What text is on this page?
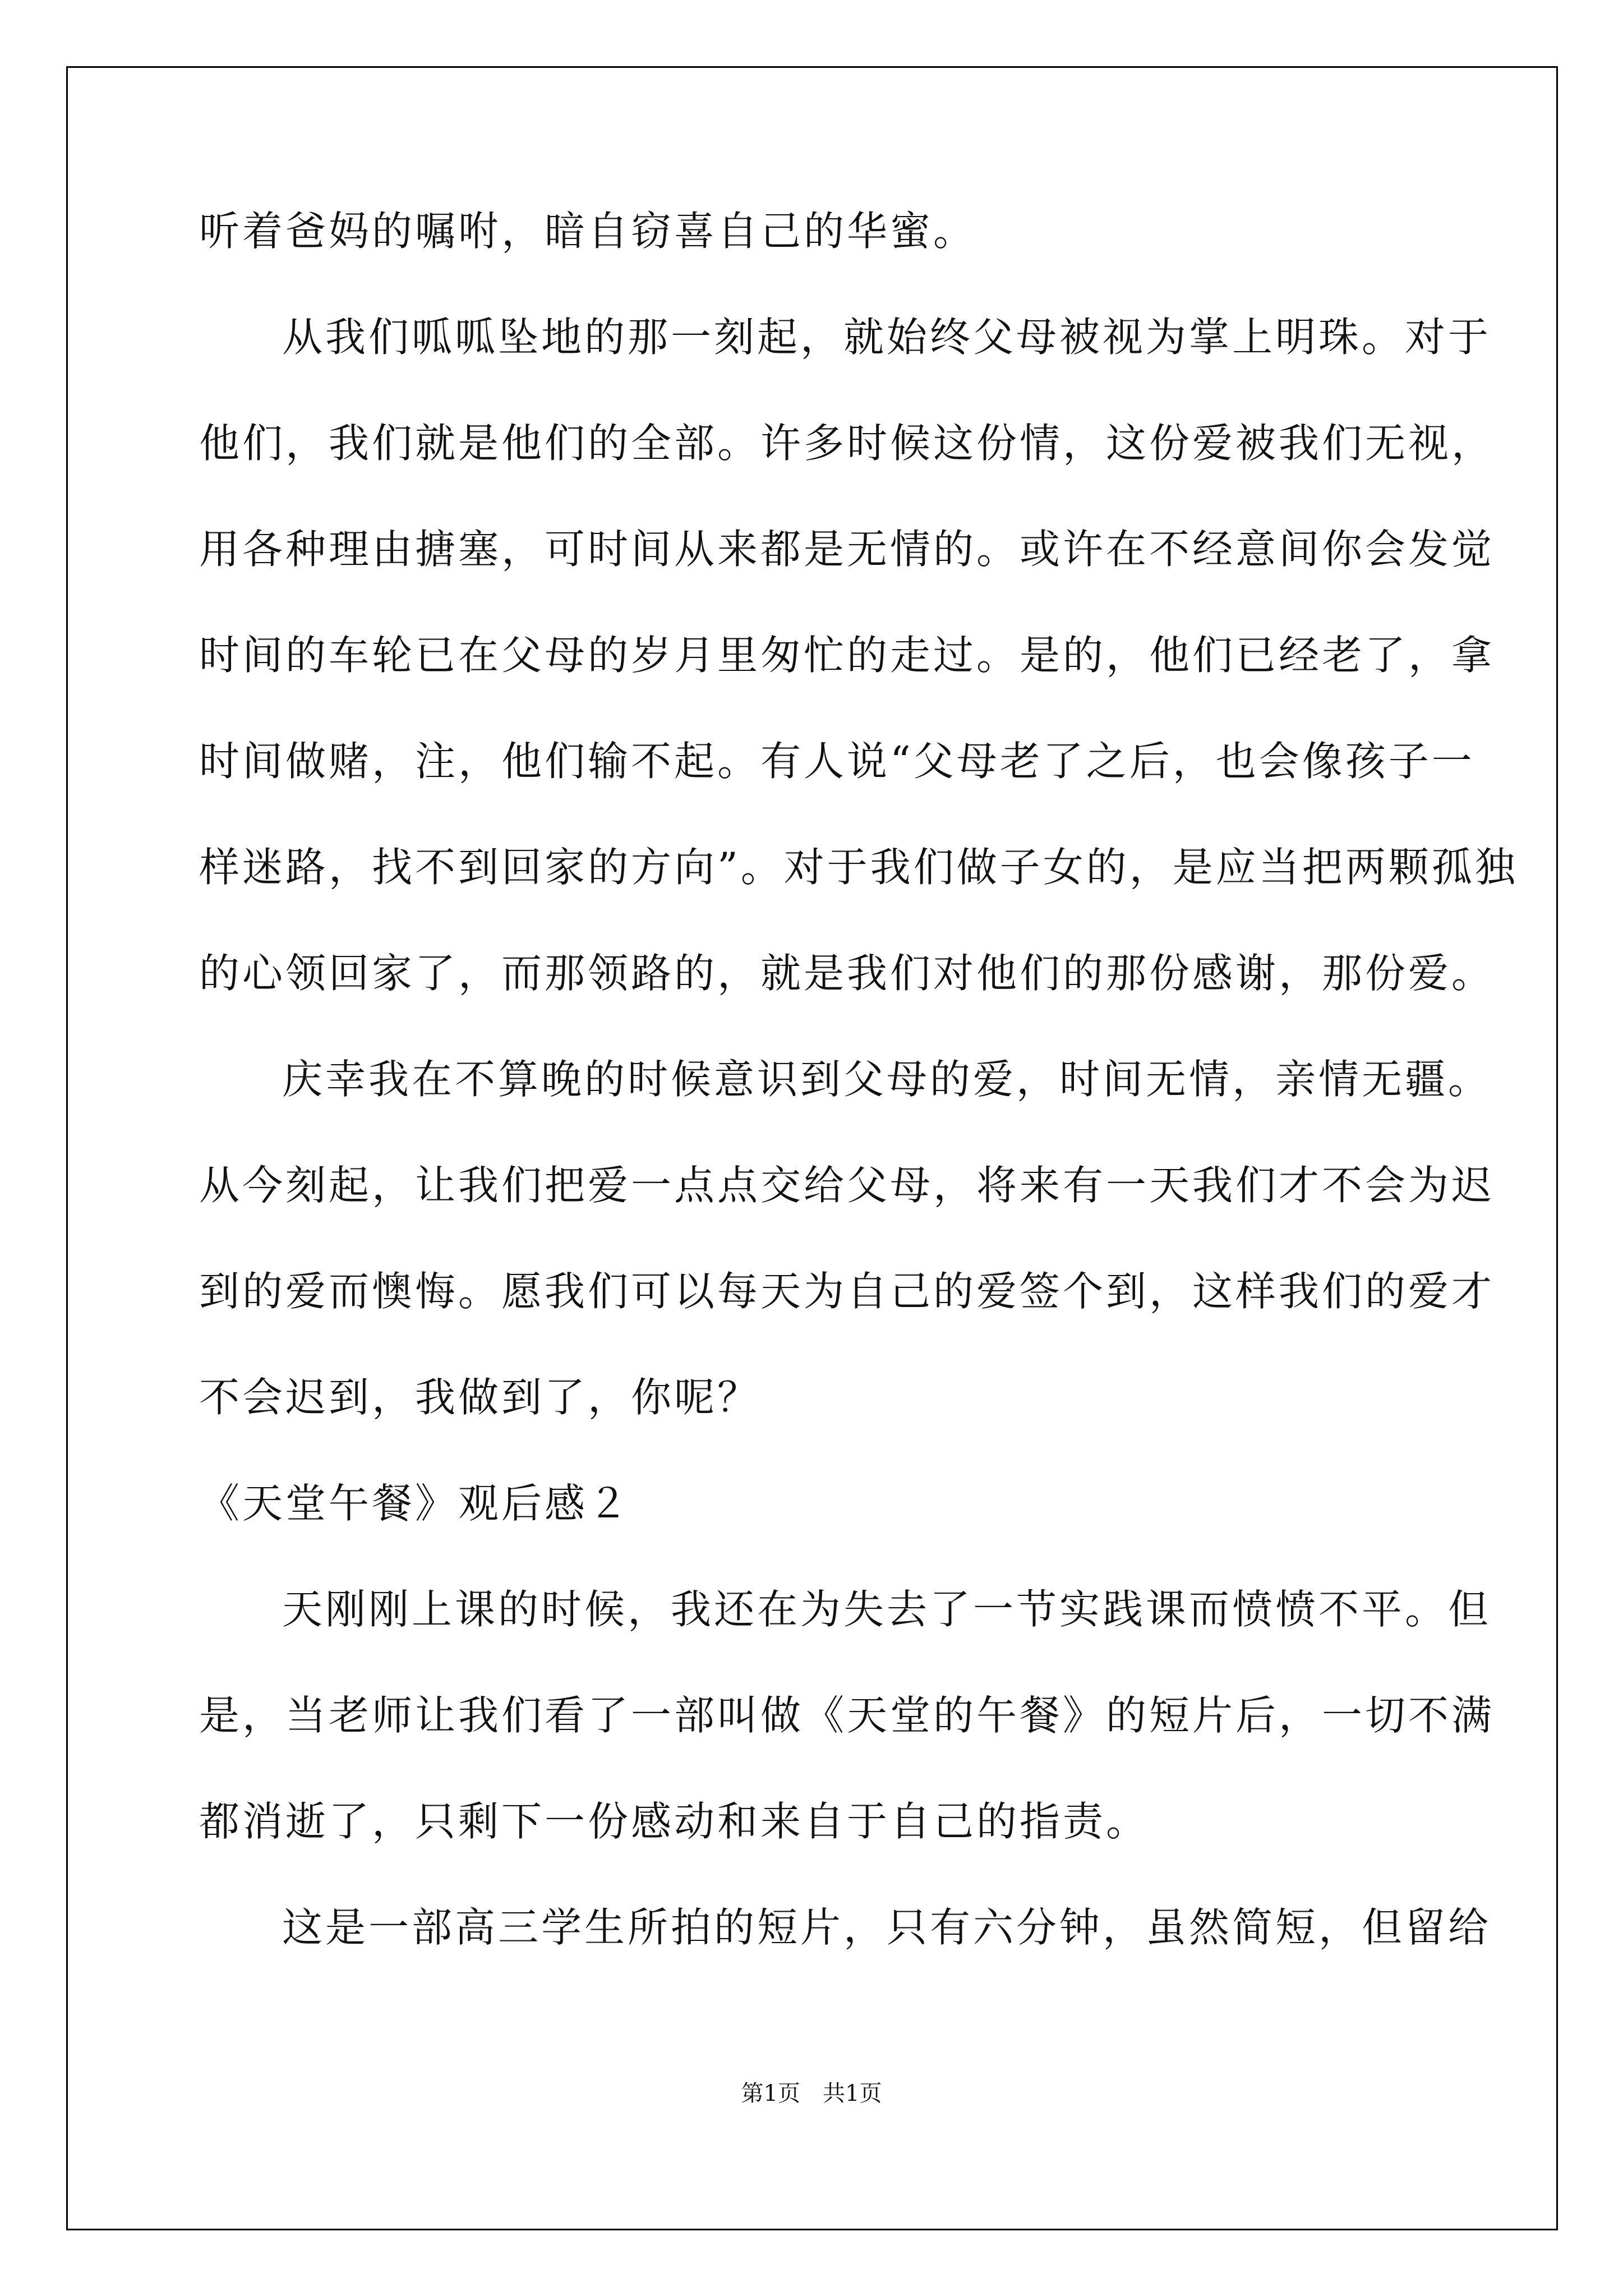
听着爸妈的嘱咐，暗自窃喜自己的华蜜。
从我们呱呱坠地的那一刻起，就始终父母被视为掌上明珠。对于
他们，我们就是他们的全部。许多时候这份情，这份爱被我们无视，
用各种理由搪塞，可时间从来都是无情的。或许在不经意间你会发觉
时间的车轮已在父母的岁月里匆忙的走过。是的，他们已经老了，拿
时间做赌，注，他们输不起。有人说“父母老了之后，也会像孩子一
样迷路，找不到回家的方向”。对于我们做子女的，是应当把两颗孤独
的心领回家了，而那领路的，就是我们对他们的那份感谢，那份爱。
庆幸我在不算晚的时候意识到父母的爱，时间无情，亲情无疆。
从今刻起，让我们把爱一点点交给父母，将来有一天我们才不会为迟
到的爱而懊悔。愿我们可以每天为自己的爱签个到，这样我们的爱才
不会迟到，我做到了，你呢？
《天堂午餐》观后感２
天刚刚上课的时候，我还在为失去了一节实践课而愤愤不平。但
是，当老师让我们看了一部叫做《天堂的午餐》的短片后，一切不满
都消逝了，只剩下一份感动和来自于自己的指责。
这是一部高三学生所拍的短片，只有六分钟，虽然简短，但留给
第1页　共1页
